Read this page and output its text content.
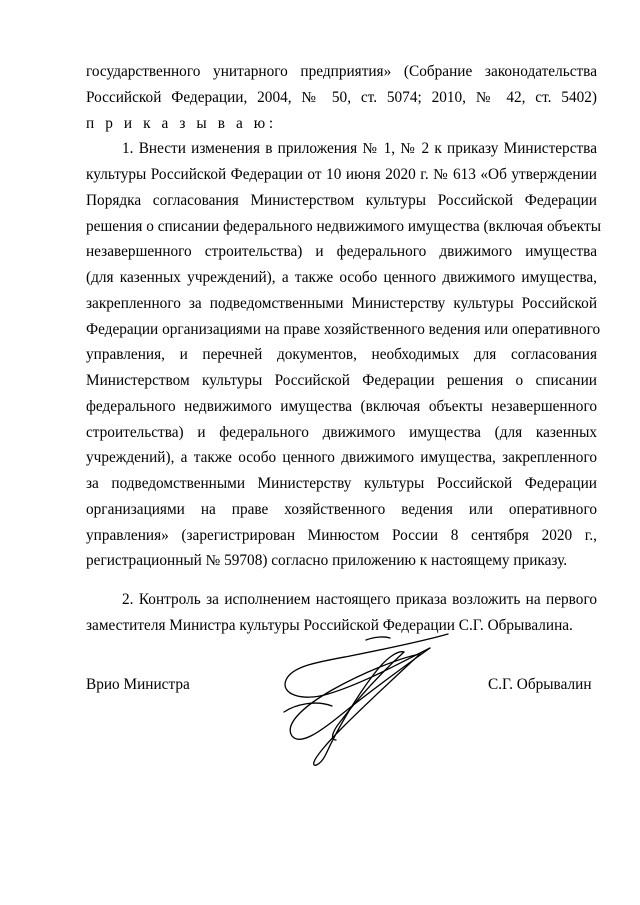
государственного унитарного предприятия» (Собрание законодательства
Российской Федерации, 2004, № 50, ст. 5074; 2010, № 42, ст. 5402)
п р и к а з ы в а ю:
1. Внести изменения в приложения № 1, № 2 к приказу Министерства
культуры Российской Федерации от 10 июня 2020 г. № 613 «Об утверждении
Порядка согласования Министерством культуры Российской Федерации
решения о списании федерального недвижимого имущества (включая объекты
незавершенного строительства) и федерального движимого имущества
(для казенных учреждений), а также особо ценного движимого имущества,
закрепленного за подведомственными Министерству культуры Российской
Федерации организациями на праве хозяйственного ведения или оперативного
управления, и перечней документов, необходимых для согласования
Министерством культуры Российской Федерации решения о списании
федерального недвижимого имущества (включая объекты незавершенного
строительства) и федерального движимого имущества (для казенных
учреждений), а также особо ценного движимого имущества, закрепленного
за подведомственными Министерству культуры Российской Федерации
организациями на праве хозяйственного ведения или оперативного
управления» (зарегистрирован Минюстом России 8 сентября 2020 г.,
регистрационный № 59708) согласно приложению к настоящему приказу.
2. Контроль за исполнением настоящего приказа возложить на первого
заместителя Министра культуры Российской Федерации С.Г. Обрывалина.
Врио Министра	С.Г. Обрывалин
